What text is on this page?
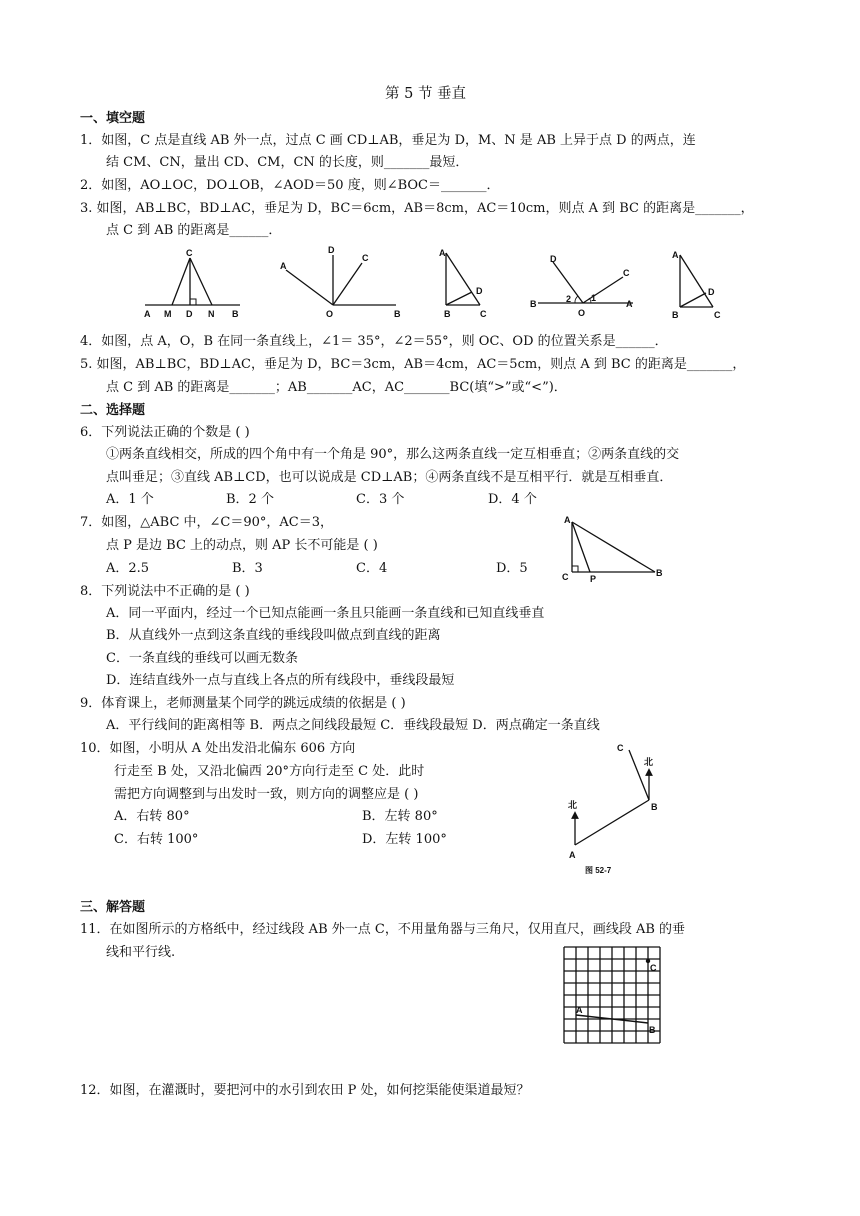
第 5 节 垂直
一、填空题
1．如图，C 点是直线 AB 外一点，过点 C 画 CD⊥AB，垂足为 D，M、N 是 AB 上异于点 D 的两点，连
结 CM、CN，量出 CD、CM，CN 的长度，则_______最短．
2．如图，AO⊥OC，DO⊥OB，∠AOD＝50 度，则∠BOC＝_______．
3. 如图，AB⊥BC，BD⊥AC，垂足为 D，BC＝6cm，AB＝8cm，AC＝10cm，则点 A 到 BC 的距离是_______，
点 C 到 AB 的距离是______．
C
A M D N B
D
C
A
O	B
A
D
B	C
D
C
B	2
O
1
A
A
D
B	C
4．如图，点 A，O，B 在同一条直线上，∠1＝ 35°，∠2＝55°，则 OC、OD 的位置关系是______．
5. 如图，AB⊥BC，BD⊥AC，垂足为 D，BC＝3cm，AB＝4cm，AC＝5cm，则点 A 到 BC 的距离是_______，
点 C 到 AB 的距离是_______；AB_______AC，AC_______BC(填“>”或“<”)．
二、选择题
6．下列说法正确的个数是 ( )
①两条直线相交，所成的四个角中有一个角是 90°，那么这两条直线一定互相垂直；②两条直线的交
点叫垂足；③直线 AB⊥CD，也可以说成是 CD⊥AB；④两条直线不是互相平行．就是互相垂直．
A．1 个	B．2 个	C．3 个	D．4 个
7．如图，△ABC 中，∠C＝90°，AC＝3，
点 P 是边 BC 上的动点，则 AP 长不可能是 ( )
A．2.5	B．3	C．4	D．5
A
C P
B
8．下列说法中不正确的是 ( )
A．同一平面内，经过一个已知点能画一条且只能画一条直线和已知直线垂直
B．从直线外一点到这条直线的垂线段叫做点到直线的距离
C．一条直线的垂线可以画无数条
D．连结直线外一点与直线上各点的所有线段中，垂线段最短
9．体育课上，老师测量某个同学的跳远成绩的依据是 ( )
A．平行线间的距离相等 B．两点之间线段最短 C．垂线段最短 D．两点确定一条直线
10．如图，小明从 A 处出发沿北偏东 606 方向
行走至 B 处，又沿北偏西 20°方向行走至 C 处．此时
需把方向调整到与出发时一致，则方向的调整应是 ( )
A．右转 80°	B．左转 80°
C．右转 100°	D．左转 100°
C
北
北	B
A
图 52-7
三、解答题
11．在如图所示的方格纸中，经过线段 AB 外一点 C，不用量角器与三角尺，仅用直尺，画线段 AB 的垂
线和平行线.
C
A
B
12．如图，在灌溉时，要把河中的水引到农田 P 处，如何挖渠能使渠道最短？
